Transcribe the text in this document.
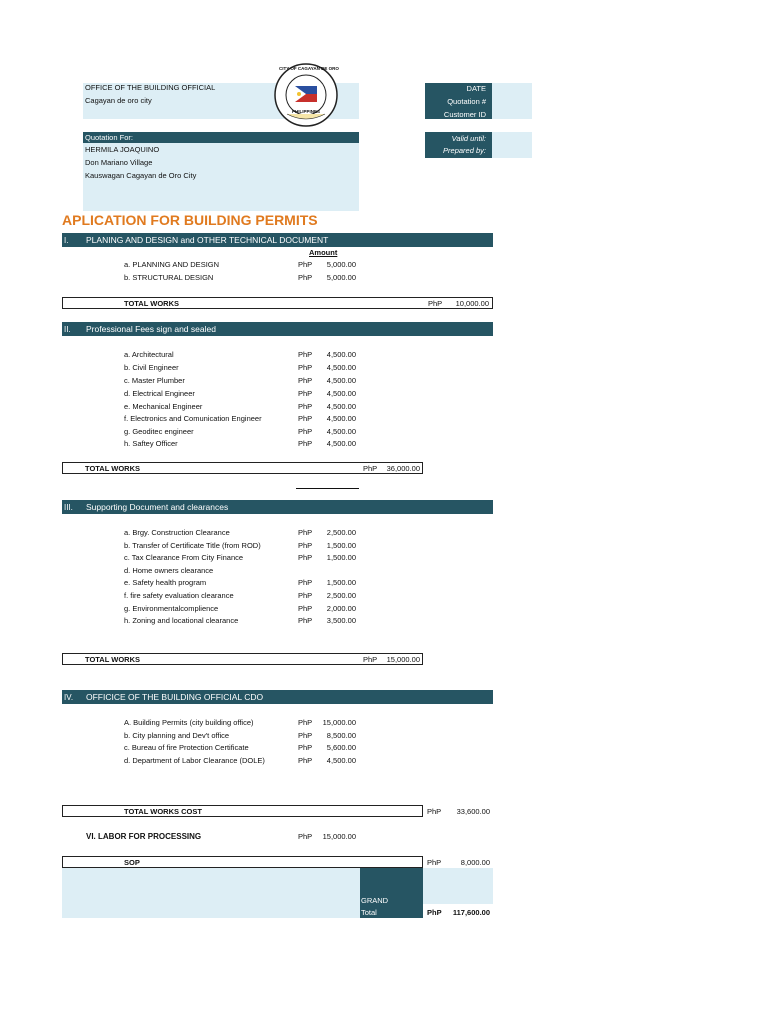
OFFICE OF THE BUILDING OFFICIAL
Cagayan de oro city
CITY OF CAGAYAN DE ORO
PHILIPPINES
DATE
Quotation #
Customer ID
Valid until:
Prepared by:
Quotation For:
HERMILA JOAQUINO
Don Mariano Village
Kauswagan Cagayan de Oro City
APLICATION FOR BUILDING PERMITS
I. PLANING AND DESIGN and OTHER TECHNICAL DOCUMENT
Amount
a. PLANNING AND DESIGN	PhP	5,000.00
b. STRUCTURAL DESIGN	PhP	5,000.00
TOTAL WORKS	PhP	10,000.00
II. Professional Fees sign and sealed
a. Architectural	PhP	4,500.00
b. Civil Engineer	PhP	4,500.00
c. Master Plumber	PhP	4,500.00
d. Electrical Engineer	PhP	4,500.00
e. Mechanical Engineer	PhP	4,500.00
f. Electronics and Comunication Engineer	PhP	4,500.00
g. Geoditec engineer	PhP	4,500.00
h. Saftey Officer	PhP	4,500.00
TOTAL WORKS	PhP	36,000.00
III. Supporting Document and clearances
a. Brgy. Construction Clearance	PhP	2,500.00
b. Transfer of Certificate Title (from ROD)	PhP	1,500.00
c. Tax Clearance From City Finance	PhP	1,500.00
d. Home owners clearance
e. Safety health program	PhP	1,500.00
f. fire safety evaluation clearance	PhP	2,500.00
g. Environmentalcomplience	PhP	2,000.00
h. Zoning and locational clearance	PhP	3,500.00
TOTAL WORKS	PhP	15,000.00
IV. OFFICICE OF THE BUILDING OFFICIAL CDO
A. Building Permits (city building office)	PhP	15,000.00
b. City planning and Dev't office	PhP	8,500.00
c. Bureau of fire Protection Certificate	PhP	5,600.00
d. Department of Labor Clearance (DOLE)	PhP	4,500.00
TOTAL WORKS COST	PhP	33,600.00
VI. LABOR FOR PROCESSING	PhP	15,000.00
SOP	PhP	8,000.00
GRAND
Total	PhP	117,600.00
